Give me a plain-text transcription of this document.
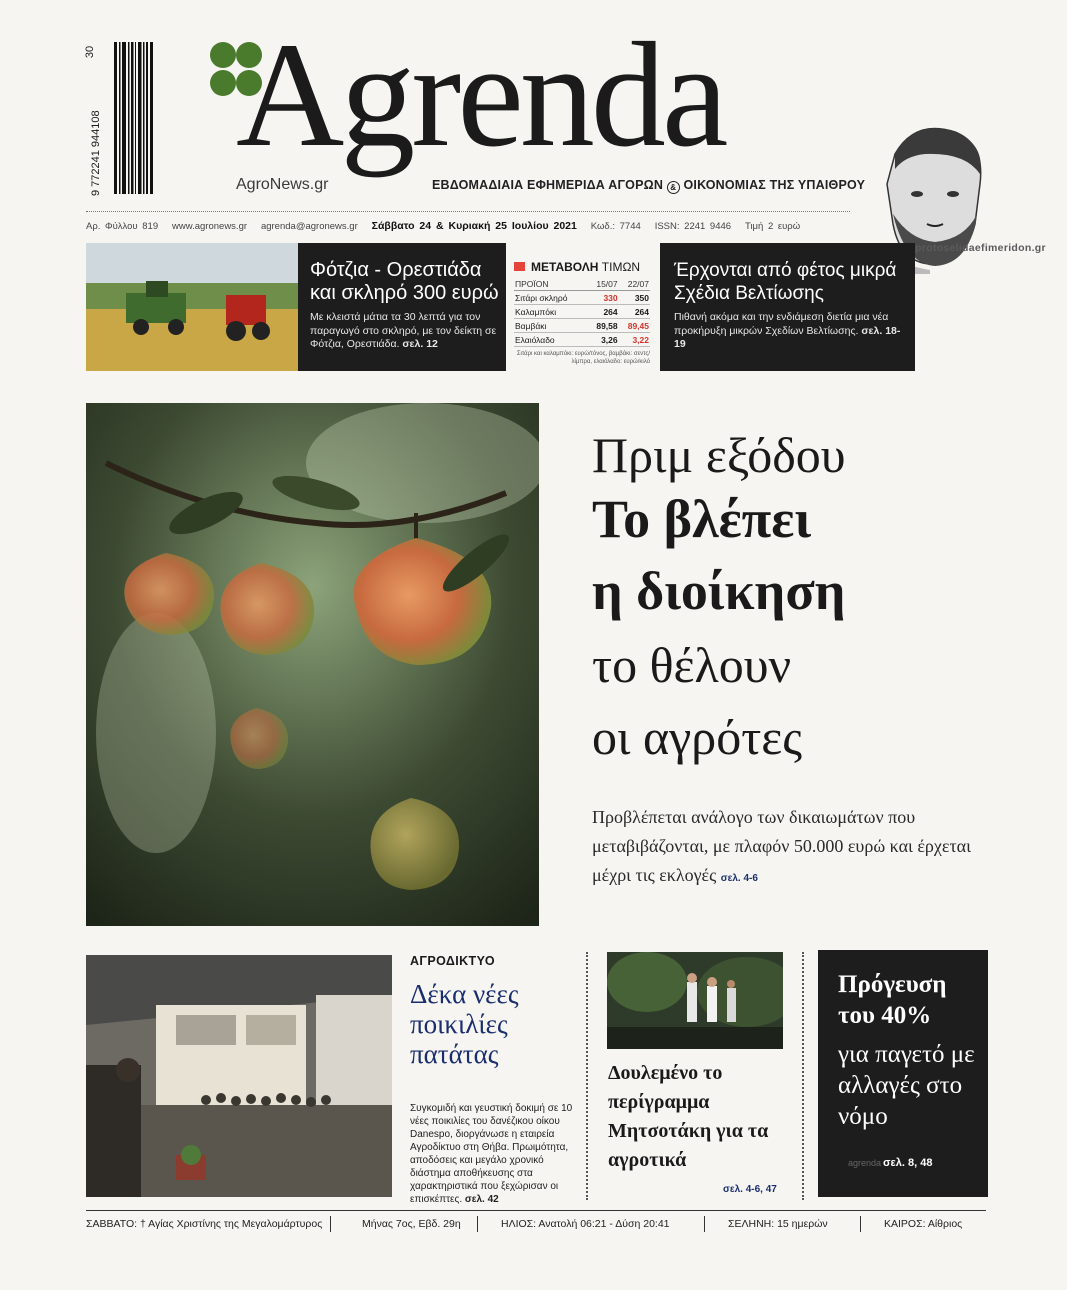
9 772241 944108
30 Agrenda
AgroNews.gr	ΕΒΔΟΜΑΔΙΑΙΑ ΕΦΗΜΕΡΙΔΑ ΑΓΟΡΩΝ & ΟΙΚΟΝΟΜΙΑΣ ΤΗΣ ΥΠΑΙΘΡΟΥ
Αρ. Φύλλου 819 www.agronews.gr agrenda@agronews.gr Σάββατο 24 & Κυριακή 25 Ιουλίου 2021 Κωδ.: 7744 ISSN: 2241 9446 Τιμή 2 ευρώ
protoselidaefimeridon.gr
Φότζια - Ορεστιάδα και σκληρό 300 ευρώ
Με κλειστά μάτια τα 30 λεπτά για τον παραγωγό στο σκληρό, με τον δείκτη σε Φότζια, Ορεστιάδα. σελ. 12
ΜΕΤΑΒΟΛΗ ΤΙΜΩΝ
ΠΡΟΪΟΝ	15/07	22/07
Σιτάρι σκληρό	330	350
Καλαμπόκι	264	264
Βαμβάκι	89,58	89,45
Ελαιόλαδο	3,26	3,22
Σιτάρι και καλαμπόκι: ευρώ/τόνος, βαμβάκι: σεντς/λίμπρα, ελαιόλαδο: ευρώ/κιλό
Έρχονται από φέτος μικρά Σχέδια Βελτίωσης
Πιθανή ακόμα και την ενδιάμεση διετία μια νέα προκήρυξη μικρών Σχεδίων Βελτίωσης. σελ. 18-19
Πριμ εξόδου
Το βλέπει
η διοίκηση
το θέλουν
οι αγρότες
Προβλέπεται ανάλογο των δικαιωμάτων που μεταβιβάζονται, με πλαφόν 50.000 ευρώ και έρχεται μέχρι τις εκλογές σελ. 4-6
ΑΓΡΟΔΙΚΤΥΟ
Δέκα νέες ποικιλίες πατάτας
Συγκομιδή και γευστική δοκιμή σε 10 νέες ποικιλίες του δανέζικου οίκου Danespo, διοργάνωσε η εταιρεία Αγροδίκτυο στη Θήβα. Πρωιμότητα, αποδόσεις και μεγάλο χρονικό διάστημα αποθήκευσης στα χαρακτηριστικά που ξεχώρισαν οι επισκέπτες. σελ. 42
Δουλεμένο το περίγραμμα Μητσοτάκη για τα αγροτικά
σελ. 4-6, 47
Πρόγευση του 40%
για παγετό με αλλαγές στο νόμο
agrenda σελ. 8, 48
ΣΑΒΒΑΤΟ: † Αγίας Χριστίνης της Μεγαλομάρτυρος	Μήνας 7ος, Εβδ. 29η	ΗΛΙΟΣ: Ανατολή 06:21 - Δύση 20:41	ΣΕΛΗΝΗ: 15 ημερών	ΚΑΙΡΟΣ: Αίθριος
